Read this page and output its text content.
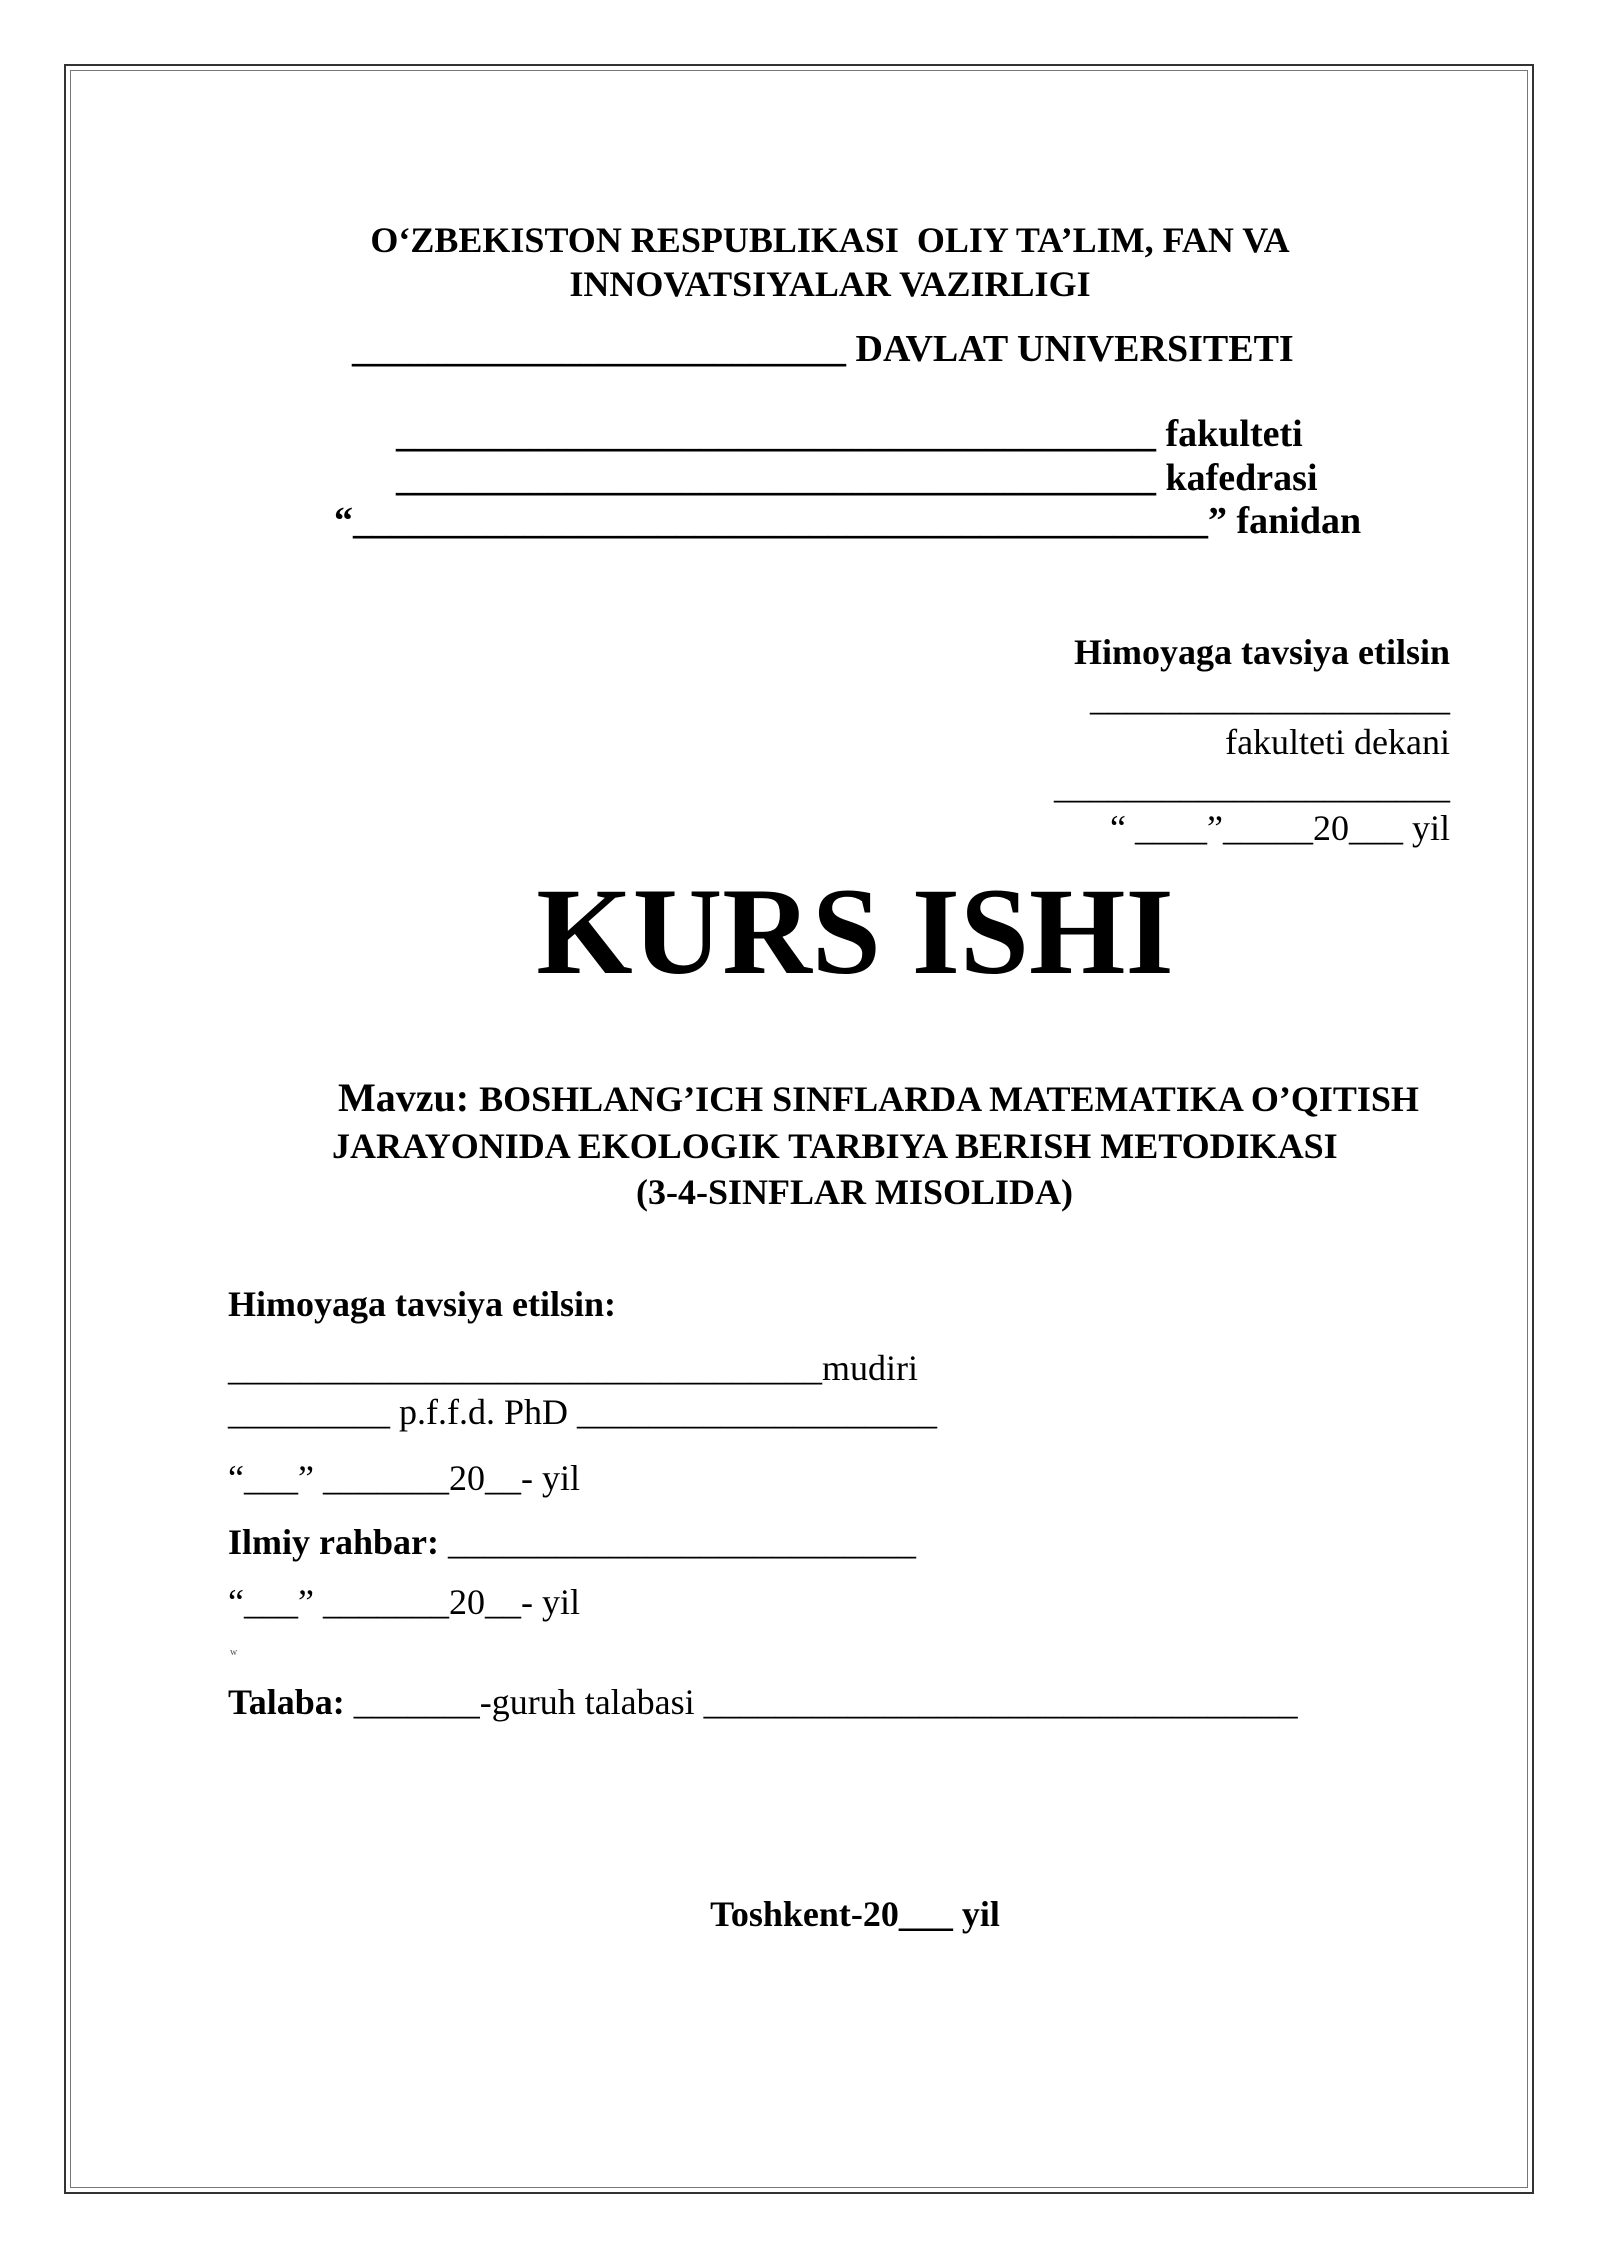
O‘ZBEKISTON RESPUBLIKASI  OLIY TA’LIM, FAN VA
INNOVATSIYALAR VAZIRLIGI
__________________________ DAVLAT UNIVERSITETI
________________________________________ fakulteti
________________________________________ kafedrasi
“_____________________________________________” fanidan
Himoyaga tavsiya etilsin
____________________
fakulteti dekani
______________________
“ ____”_____20___ yil
KURS ISHI
Mavzu: BOSHLANG’ICH SINFLARDA MATEMATIKA O’QITISH
JARAYONIDA EKOLOGIK TARBIYA BERISH METODIKASI
(3-4-SINFLAR MISOLIDA)
Himoyaga tavsiya etilsin:
_________________________________mudiri
_________ p.f.f.d. PhD ____________________
“___” _______20__- yil
Ilmiy rahbar: __________________________
“___” _______20__- yil
w
Talaba: _______-guruh talabasi _________________________________
Toshkent-20___ yil
